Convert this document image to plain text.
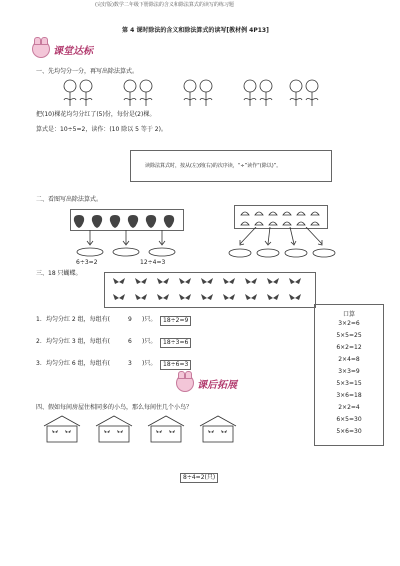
(完好版)数学二年级下册除法的含义和除法算式的读写的练习题
第 4 课时除法的含义和除法算式的读写[教材例 4P13]
课堂达标
一、先均匀分一分，再写出除法算式。
把(10)棵花均匀分红了(5)份，每份是(2)棵。
算式是：10÷5=2，读作：(10 除以 5 等于 2)。
读除法算式时，按从(左)到(右)的次序读，“÷”读作“(除以)”。
二、看图写出除法算式。
6÷3=2	12÷4=3
三、18 只蝴蝶。
1. 均匀分红 2 组，每组有(	9 )只。	18÷2=9
2. 均匀分红 3 组，每组有(	6 )只。	18÷3=6
3. 均匀分红 6 组，每组有(	3 )只。	18÷6=3
口算
3×2=6
5×5=25
6×2=12
2×4=8
3×3=9
5×3=15
3×6=18
2×2=4
6×5=30
5×6=30
课后拓展
四、假如每间房屋住相同多的小鸟，那么每间住几个小鸟？
8÷4=2(只)
